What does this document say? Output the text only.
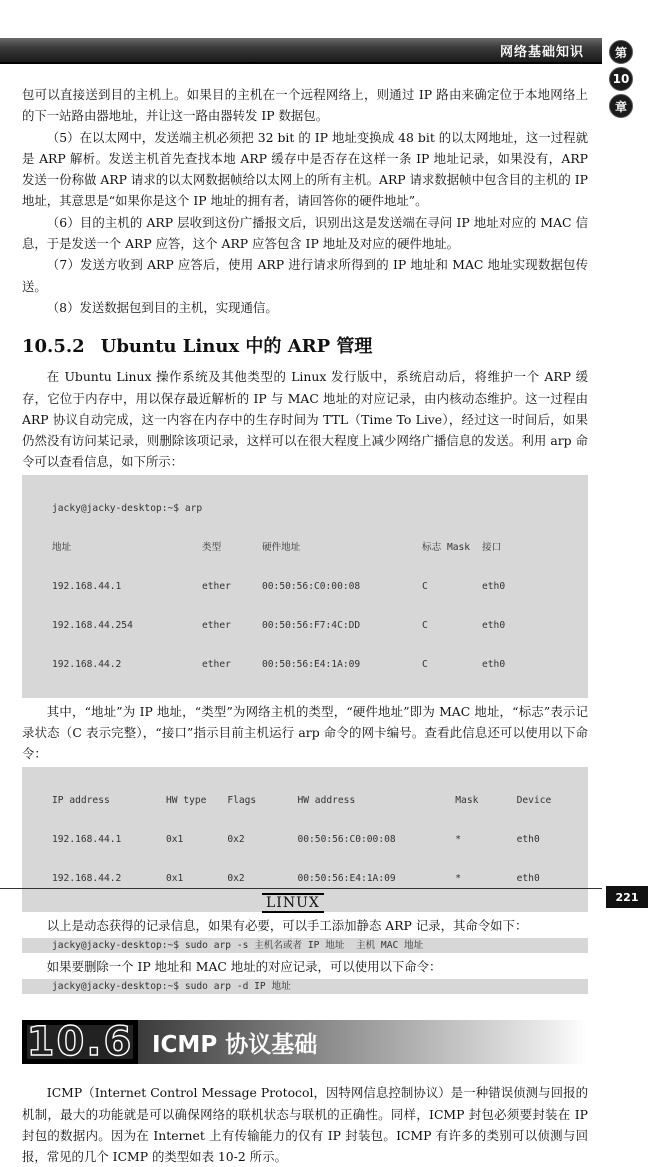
网络基础知识	第
10
章

包可以直接送到目的主机上。如果目的主机在一个远程网络上，则通过 IP 路由来确定位于本地网络上的下一站路由器地址，并让这一路由器转发 IP 数据包。

（5）在以太网中，发送端主机必须把 32 bit 的 IP 地址变换成 48 bit 的以太网地址，这一过程就是 ARP 解析。发送主机首先查找本地 ARP 缓存中是否存在这样一条 IP 地址记录，如果没有，ARP 发送一份称做 ARP 请求的以太网数据帧给以太网上的所有主机。ARP 请求数据帧中包含目的主机的 IP 地址，其意思是“如果你是这个 IP 地址的拥有者，请回答你的硬件地址”。

（6）目的主机的 ARP 层收到这份广播报文后，识别出这是发送端在寻问 IP 地址对应的 MAC 信息，于是发送一个 ARP 应答，这个 ARP 应答包含 IP 地址及对应的硬件地址。

（7）发送方收到 ARP 应答后，使用 ARP 进行请求所得到的 IP 地址和 MAC 地址实现数据包传送。

（8）发送数据包到目的主机，实现通信。

10.5.2 Ubuntu Linux 中的 ARP 管理

在 Ubuntu Linux 操作系统及其他类型的 Linux 发行版中，系统启动后，将维护一个 ARP 缓存，它位于内存中，用以保存最近解析的 IP 与 MAC 地址的对应记录，由内核动态维护。这一过程由 ARP 协议自动完成，这一内容在内存中的生存时间为 TTL（Time To Live），经过这一时间后，如果仍然没有访问某记录，则删除该项记录，这样可以在很大程度上减少网络广播信息的发送。利用 arp 命令可以查看信息，如下所示：

jacky@jacky-desktop:~$ arp

地址	类型	硬件地址	标志 Mask	接口

192.168.44.1	ether	00:50:56:C0:00:08	C	eth0

192.168.44.254	ether	00:50:56:F7:4C:DD	C	eth0

192.168.44.2	ether	00:50:56:E4:1A:09	C	eth0

其中，“地址”为 IP 地址，“类型”为网络主机的类型，“硬件地址”即为 MAC 地址，“标志”表示记录状态（C 表示完整），“接口”指示目前主机运行 arp 命令的网卡编号。查看此信息还可以使用以下命令：

IP address	HW type	Flags	HW address	Mask	Device

192.168.44.1	0x1	0x2	00:50:56:C0:00:08	*	eth0

192.168.44.2	0x1	0x2	00:50:56:E4:1A:09	*	eth0

以上是动态获得的记录信息，如果有必要，可以手工添加静态 ARP 记录，其命令如下：

jacky@jacky-desktop:~$ sudo arp -s 主机名或者 IP 地址  主机 MAC 地址

如果要删除一个 IP 地址和 MAC 地址的对应记录，可以使用以下命令：

jacky@jacky-desktop:~$ sudo arp -d IP 地址
10.6 ICMP 协议基础

ICMP（Internet Control Message Protocol，因特网信息控制协议）是一种错误侦测与回报的机制，最大的功能就是可以确保网络的联机状态与联机的正确性。同样，ICMP 封包必须要封装在 IP 封包的数据内。因为在 Internet 上有传输能力的仅有 IP 封装包。ICMP 有许多的类别可以侦测与回报，常见的几个 ICMP 的类型如表 10-2 所示。

LINUX	221
